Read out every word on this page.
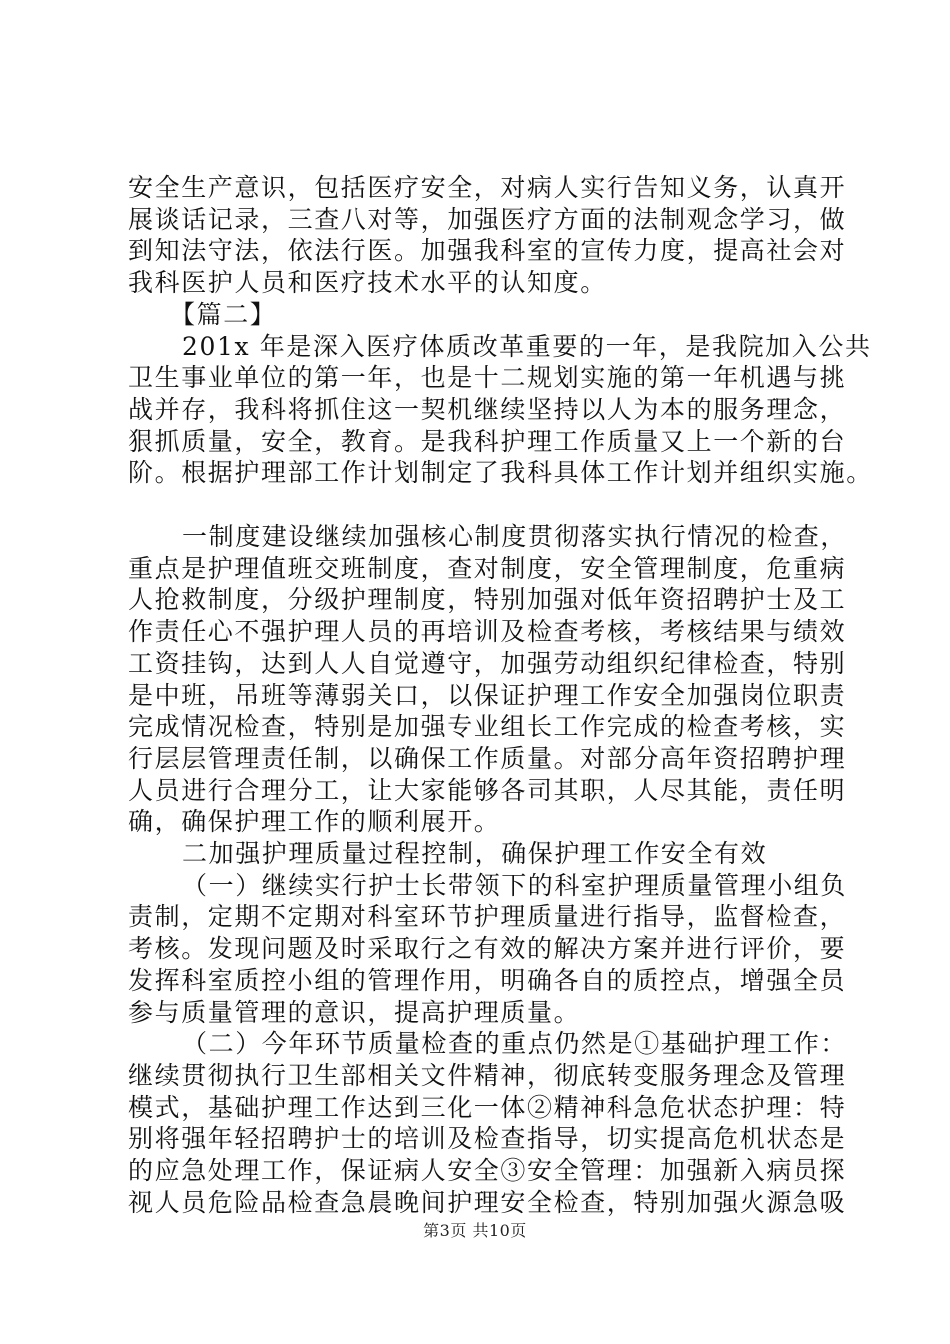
安全生产意识，包括医疗安全，对病人实行告知义务，认真开

展谈话记录，三查八对等，加强医疗方面的法制观念学习，做

到知法守法，依法行医。加强我科室的宣传力度，提高社会对

我科医护人员和医疗技术水平的认知度。

【篇二】

201x 年是深入医疗体质改革重要的一年，是我院加入公共

卫生事业单位的第一年，也是十二规划实施的第一年机遇与挑

战并存，我科将抓住这一契机继续坚持以人为本的服务理念，

狠抓质量，安全，教育。是我科护理工作质量又上一个新的台

阶。根据护理部工作计划制定了我科具体工作计划并组织实施。

一制度建设继续加强核心制度贯彻落实执行情况的检查，

重点是护理值班交班制度，查对制度，安全管理制度，危重病

人抢救制度，分级护理制度，特别加强对低年资招聘护士及工

作责任心不强护理人员的再培训及检查考核，考核结果与绩效

工资挂钩，达到人人自觉遵守，加强劳动组织纪律检查，特别

是中班，吊班等薄弱关口，以保证护理工作安全加强岗位职责

完成情况检查，特别是加强专业组长工作完成的检查考核，实

行层层管理责任制，以确保工作质量。对部分高年资招聘护理

人员进行合理分工，让大家能够各司其职，人尽其能，责任明

确，确保护理工作的顺利展开。

二加强护理质量过程控制，确保护理工作安全有效

（一）继续实行护士长带领下的科室护理质量管理小组负

责制，定期不定期对科室环节护理质量进行指导，监督检查，

考核。发现问题及时采取行之有效的解决方案并进行评价，要

发挥科室质控小组的管理作用，明确各自的质控点，增强全员

参与质量管理的意识，提高护理质量。

（二）今年环节质量检查的重点仍然是①基础护理工作：

继续贯彻执行卫生部相关文件精神，彻底转变服务理念及管理

模式，基础护理工作达到三化一体②精神科急危状态护理：特

别将强年轻招聘护士的培训及检查指导，切实提高危机状态是

的应急处理工作，保证病人安全③安全管理：加强新入病员探

视人员危险品检查急晨晚间护理安全检查，特别加强火源急吸

第3页 共10页
